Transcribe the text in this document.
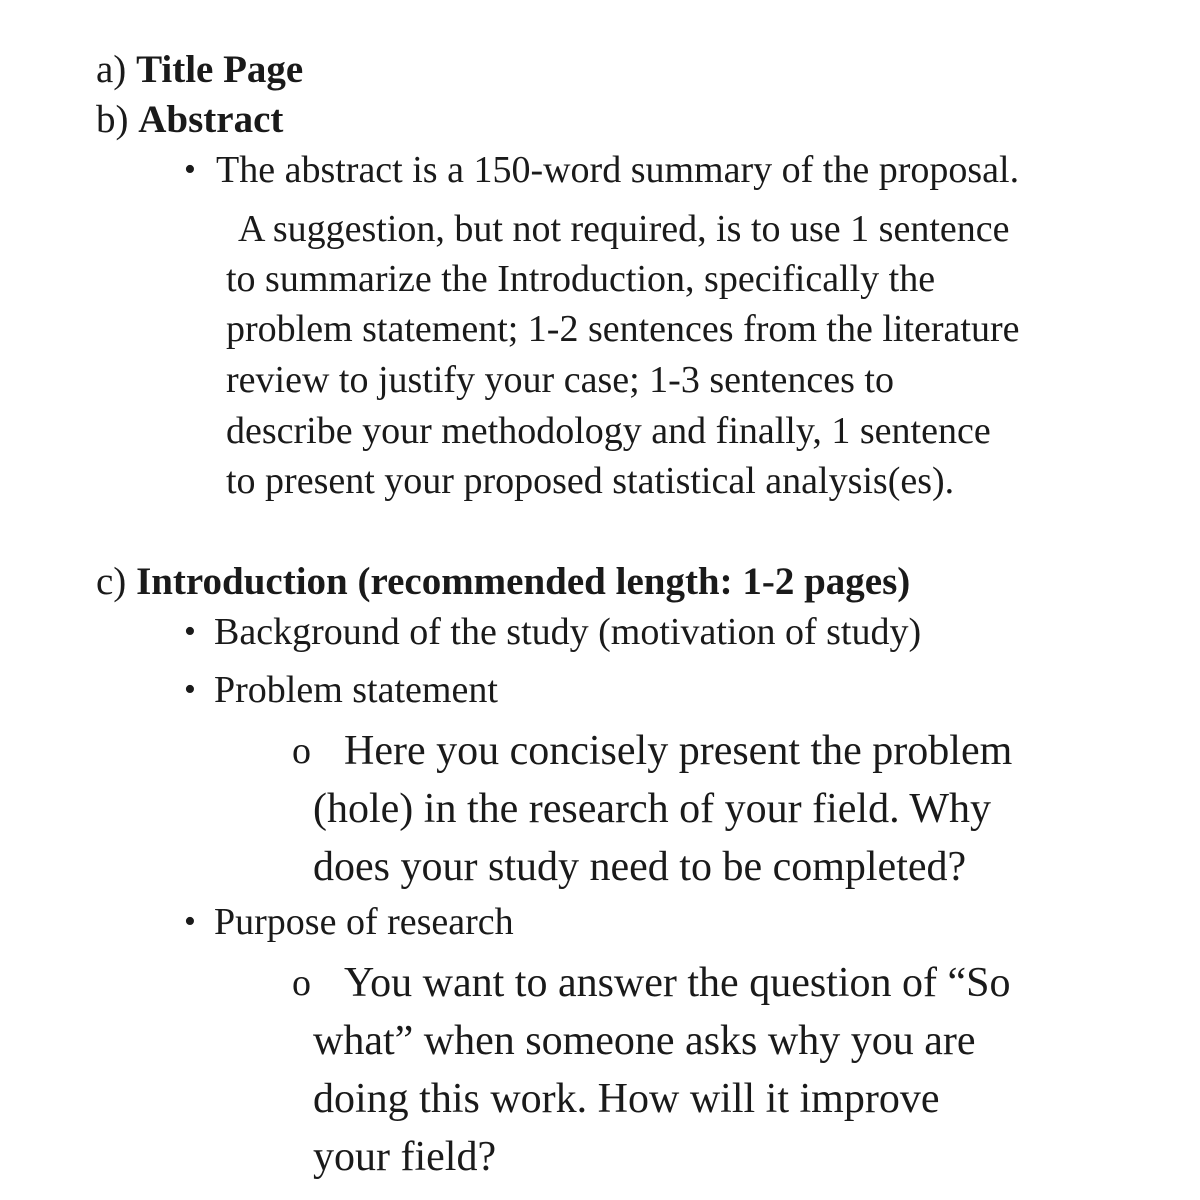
a) Title Page
b) Abstract
• The abstract is a 150-word summary of the proposal.
A suggestion, but not required, is to use 1 sentence
to summarize the Introduction, specifically the
problem statement; 1-2 sentences from the literature
review to justify your case; 1-3 sentences to
describe your methodology and finally, 1 sentence
to present your proposed statistical analysis(es).
c) Introduction (recommended length: 1-2 pages)
• Background of the study (motivation of study)
• Problem statement
o Here you concisely present the problem
(hole) in the research of your field. Why
does your study need to be completed?
• Purpose of research
o You want to answer the question of “So
what” when someone asks why you are
doing this work. How will it improve
your field?
